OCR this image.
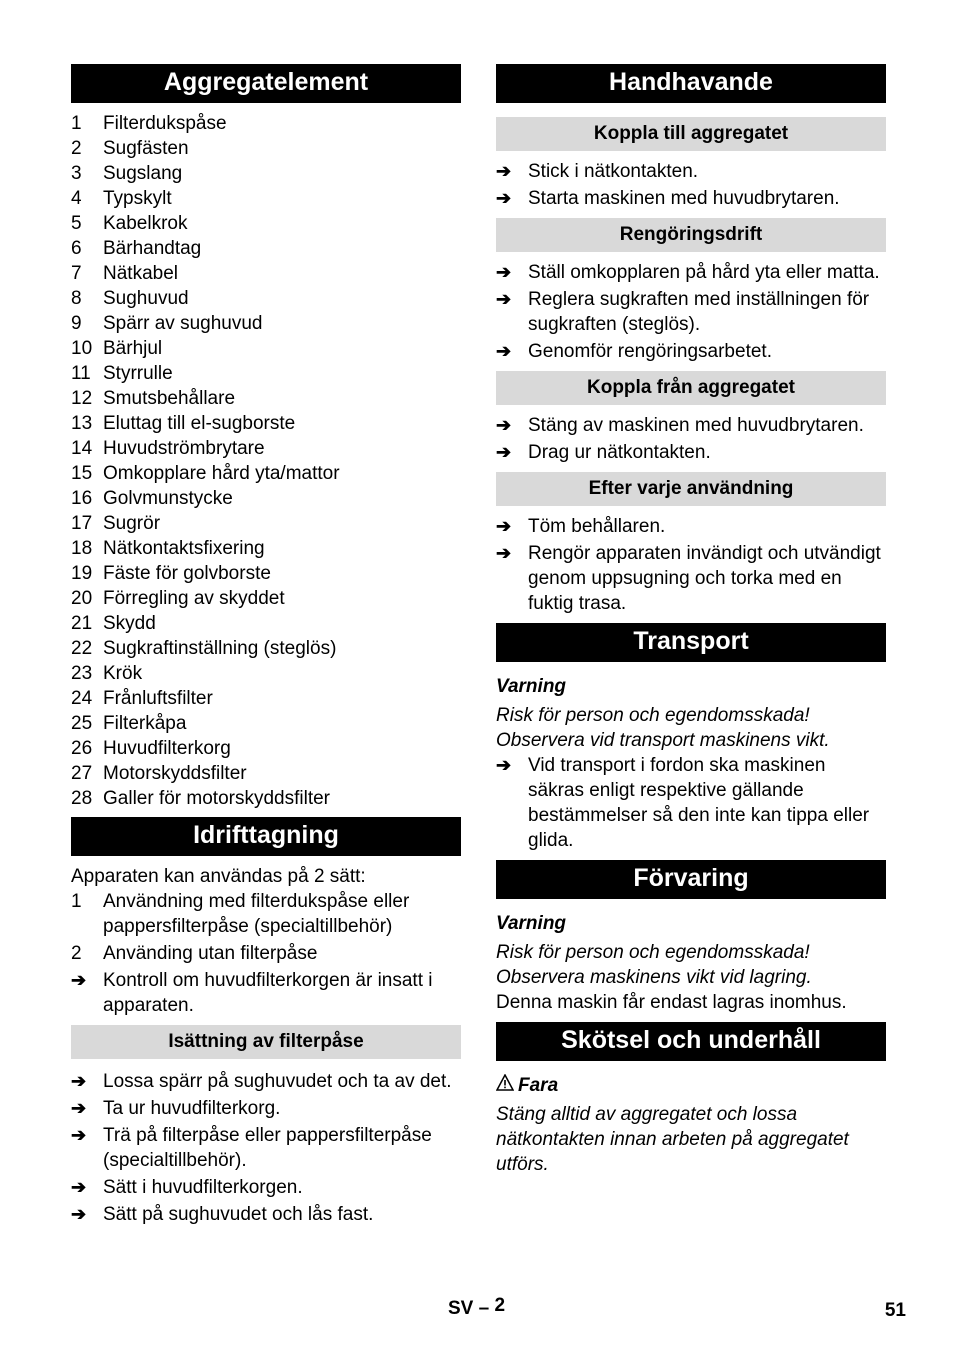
Aggregatelement
1	Filterdukspåse
2	Sugfästen
3	Sugslang
4	Typskylt
5	Kabelkrok
6	Bärhandtag
7	Nätkabel
8	Sughuvud
9	Spärr av sughuvud
10 Bärhjul
11 Styrrulle
12 Smutsbehållare
13 Eluttag till el-sugborste
14 Huvudströmbrytare
15 Omkopplare hård yta/mattor
16 Golvmunstycke
17 Sugrör
18 Nätkontaktsfixering
19 Fäste för golvborste
20 Förregling av skyddet
21 Skydd
22 Sugkraftinställning (steglös)
23 Krök
24 Frånluftsfilter
25 Filterkåpa
26 Huvudfilterkorg
27 Motorskyddsfilter
28 Galler för motorskyddsfilter
Idrifttagning
Apparaten kan användas på 2 sätt:
1	Användning med filterdukspåse eller pappersfilterpåse (specialtillbehör)
2	Använding utan filterpåse
➔ Kontroll om huvudfilterkorgen är insatt i apparaten.
Isättning av filterpåse
➔ Lossa spärr på sughuvudet och ta av det.
➔ Ta ur huvudfilterkorg.
➔ Trä på filterpåse eller pappersfilterpåse (specialtillbehör).
➔ Sätt i huvudfilterkorgen.
➔ Sätt på sughuvudet och lås fast.
Handhavande
Koppla till aggregatet
➔ Stick i nätkontakten.
➔ Starta maskinen med huvudbrytaren.
Rengöringsdrift
➔ Ställ omkopplaren på hård yta eller matta.
➔ Reglera sugkraften med inställningen för sugkraften (steglös).
➔ Genomför rengöringsarbetet.
Koppla från aggregatet
➔ Stäng av maskinen med huvudbrytaren.
➔ Drag ur nätkontakten.
Efter varje användning
➔ Töm behållaren.
➔ Rengör apparaten invändigt och utvändigt genom uppsugning och torka med en fuktig trasa.
Transport
Varning
Risk för person och egendomsskada! Observera vid transport maskinens vikt.
➔ Vid transport i fordon ska maskinen säkras enligt respektive gällande bestämmelser så den inte kan tippa eller glida.
Förvaring
Varning
Risk för person och egendomsskada! Observera maskinens vikt vid lagring.
Denna maskin får endast lagras inomhus.
Skötsel och underhåll
Fara
Stäng alltid av aggregatet och lossa nätkontakten innan arbeten på aggregatet utförs.
SV – 2	51
